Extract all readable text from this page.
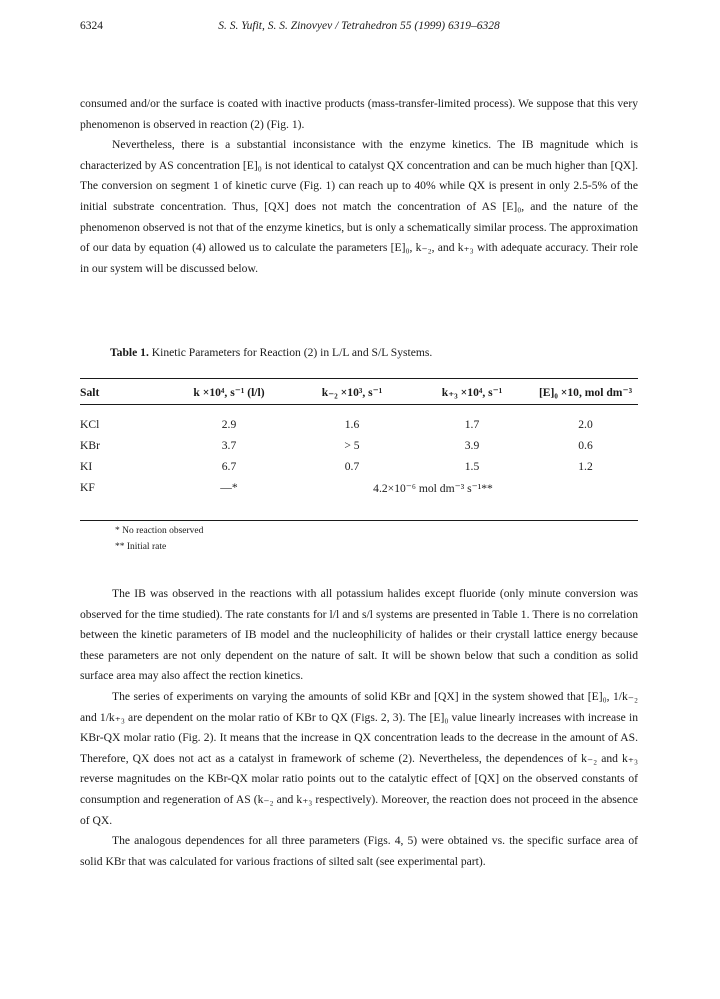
6324	S. S. Yufit, S. S. Zinovyev / Tetrahedron 55 (1999) 6319–6328

consumed and/or the surface is coated with inactive products (mass-transfer-limited process). We suppose that this very phenomenon is observed in reaction (2) (Fig. 1).

Nevertheless, there is a substantial inconsistance with the enzyme kinetics. The IB magnitude which is characterized by AS concentration [E]₀ is not identical to catalyst QX concentration and can be much higher than [QX]. The conversion on segment 1 of kinetic curve (Fig. 1) can reach up to 40% while QX is present in only 2.5-5% of the initial substrate concentration. Thus, [QX] does not match the concentration of AS [E]₀, and the nature of the phenomenon observed is not that of the enzyme kinetics, but is only a schematically similar process. The approximation of our data by equation (4) allowed us to calculate the parameters [E]₀, k₋₂, and k₊₃ with adequate accuracy. Their role in our system will be discussed below.

Table 1. Kinetic Parameters for Reaction (2) in L/L and S/L Systems.

Salt	k ×10⁴, s⁻¹ (l/l)	k₋₂ ×10³, s⁻¹	k₊₃ ×10⁴, s⁻¹	[E]₀ ×10, mol dm⁻³

KCl	2.9	1.6	1.7	2.0
KBr	3.7	> 5	3.9	0.6
KI	6.7	0.7	1.5	1.2
KF	—*	4.2×10⁻⁶ mol dm⁻³ s⁻¹**		
* No reaction observed
** Initial rate

The IB was observed in the reactions with all potassium halides except fluoride (only minute conversion was observed for the time studied). The rate constants for l/l and s/l systems are presented in Table 1. There is no correlation between the kinetic parameters of IB model and the nucleophilicity of halides or their crystall lattice energy because these parameters are not only dependent on the nature of salt. It will be shown below that such a condition as solid surface area may also affect the rection kinetics.

The series of experiments on varying the amounts of solid KBr and [QX] in the system showed that [E]₀, 1/k₋₂ and 1/k₊₃ are dependent on the molar ratio of KBr to QX (Figs. 2, 3). The [E]₀ value linearly increases with increase in KBr-QX molar ratio (Fig. 2). It means that the increase in QX concentration leads to the decrease in the amount of AS. Therefore, QX does not act as a catalyst in framework of scheme (2). Nevertheless, the dependences of k₋₂ and k₊₃ reverse magnitudes on the KBr-QX molar ratio points out to the catalytic effect of [QX] on the observed constants of consumption and regeneration of AS (k₋₂ and k₊₃ respectively). Moreover, the reaction does not proceed in the absence of QX.

The analogous dependences for all three parameters (Figs. 4, 5) were obtained vs. the specific surface area of solid KBr that was calculated for various fractions of silted salt (see experimental part).
